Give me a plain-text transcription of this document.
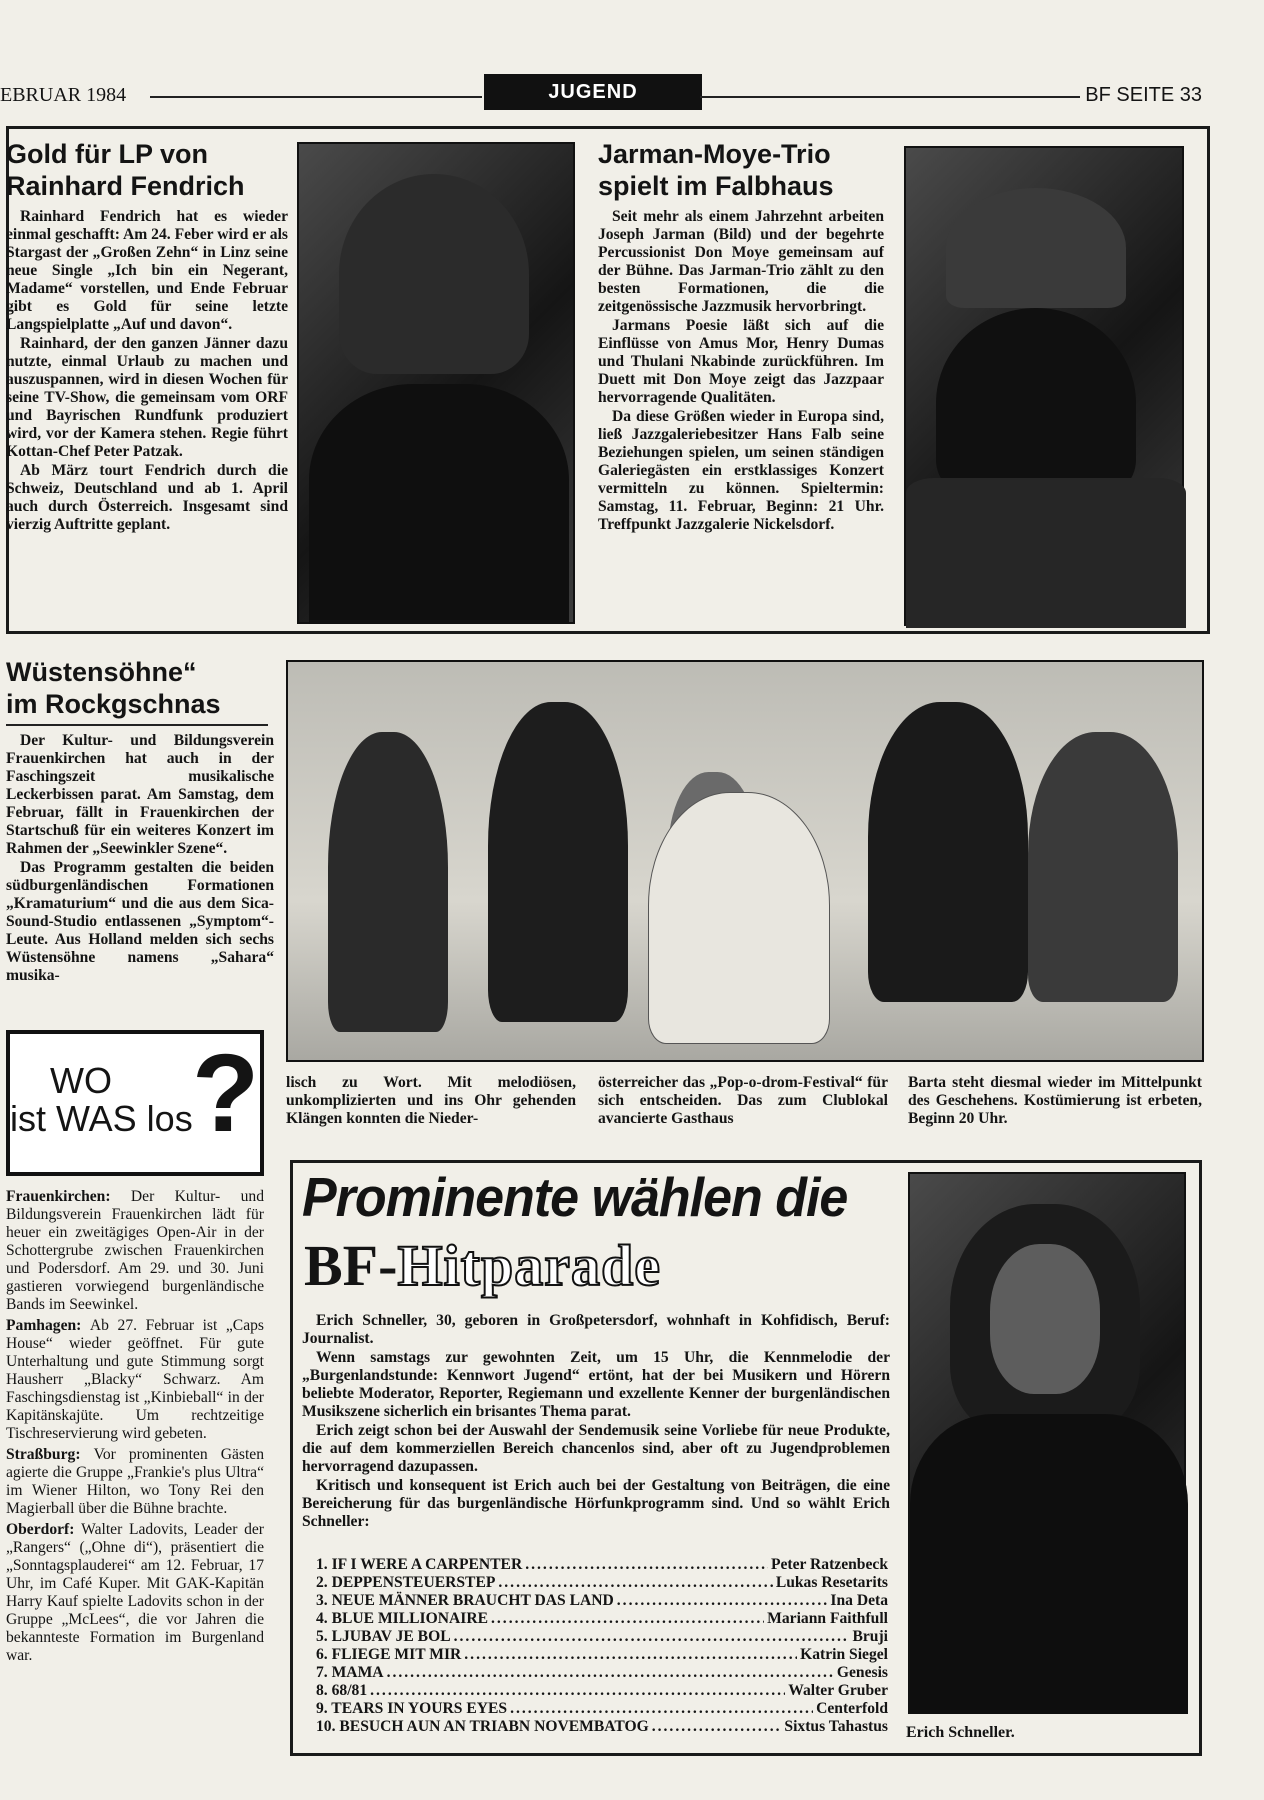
EBRUAR 1984	JUGEND	BF SEITE 33
Gold für LP von
Rainhard Fendrich

Rainhard Fendrich hat es wieder einmal geschafft: Am 24. Feber wird er als Stargast der „Großen Zehn“ in Linz seine neue Single „Ich bin ein Negerant, Madame“ vorstellen, und Ende Februar gibt es Gold für seine letzte Langspielplatte „Auf und davon“.

Rainhard, der den ganzen Jänner dazu nutzte, einmal Urlaub zu machen und auszuspannen, wird in diesen Wochen für seine TV-Show, die gemeinsam vom ORF und Bayrischen Rundfunk produziert wird, vor der Kamera stehen. Regie führt Kottan-Chef Peter Patzak.

Ab März tourt Fendrich durch die Schweiz, Deutschland und ab 1. April auch durch Österreich. Insgesamt sind vierzig Auftritte geplant.

Jarman-Moye-Trio
spielt im Falbhaus

Seit mehr als einem Jahrzehnt arbeiten Joseph Jarman (Bild) und der begehrte Percussionist Don Moye gemeinsam auf der Bühne. Das Jarman-Trio zählt zu den besten Formationen, die die zeitgenössische Jazzmusik hervorbringt.

Jarmans Poesie läßt sich auf die Einflüsse von Amus Mor, Henry Dumas und Thulani Nkabinde zurückführen. Im Duett mit Don Moye zeigt das Jazzpaar hervorragende Qualitäten.

Da diese Größen wieder in Europa sind, ließ Jazzgaleriebesitzer Hans Falb seine Beziehungen spielen, um seinen ständigen Galeriegästen ein erstklassiges Konzert vermitteln zu können. Spieltermin: Samstag, 11. Februar, Beginn: 21 Uhr. Treffpunkt Jazzgalerie Nickelsdorf.

Wüstensöhne“
im Rockgschnas

Der Kultur- und Bildungsverein Frauenkirchen hat auch in der Faschingszeit musikalische Leckerbissen parat. Am Samstag, dem Februar, fällt in Frauenkirchen der Startschuß für ein weiteres Konzert im Rahmen der „Seewinkler Szene“.

Das Programm gestalten die beiden südburgenländischen Formationen „Kramaturium“ und die aus dem Sica-Sound-Studio entlassenen „Symptom“-Leute. Aus Holland melden sich sechs Wüstensöhne namens „Sahara“ musika-

lisch zu Wort. Mit melodiösen, unkomplizierten und ins Ohr gehenden Klängen konnten die Nieder-
österreicher das „Pop-o-drom-Festival“ für sich entscheiden. Das zum Clublokal avancierte Gasthaus
Barta steht diesmal wieder im Mittelpunkt des Geschehens. Kostümierung ist erbeten, Beginn 20 Uhr.
WO
ist WAS los ?

Frauenkirchen: Der Kultur- und Bildungsverein Frauenkirchen lädt für heuer ein zweitägiges Open-Air in der Schottergrube zwischen Frauenkirchen und Podersdorf. Am 29. und 30. Juni gastieren vorwiegend burgenländische Bands im Seewinkel.

Pamhagen: Ab 27. Februar ist „Caps House“ wieder geöffnet. Für gute Unterhaltung und gute Stimmung sorgt Hausherr „Blacky“ Schwarz. Am Faschingsdienstag ist „Kinbieball“ in der Kapitänskajüte. Um rechtzeitige Tischreservierung wird gebeten.

Straßburg: Vor prominenten Gästen agierte die Gruppe „Frankie's plus Ultra“ im Wiener Hilton, wo Tony Rei den Magierball über die Bühne brachte.

Oberdorf: Walter Ladovits, Leader der „Rangers“ („Ohne di“), präsentiert die „Sonntagsplauderei“ am 12. Februar, 17 Uhr, im Café Kuper. Mit GAK-Kapitän Harry Kauf spielte Ladovits schon in der Gruppe „McLees“, die vor Jahren die bekannteste Formation im Burgenland war.

Prominente wählen die
BF-Hitparade

Erich Schneller, 30, geboren in Großpetersdorf, wohnhaft in Kohfidisch, Beruf: Journalist.

Wenn samstags zur gewohnten Zeit, um 15 Uhr, die Kennmelodie der „Burgenlandstunde: Kennwort Jugend“ ertönt, hat der bei Musikern und Hörern beliebte Moderator, Reporter, Regiemann und exzellente Kenner der burgenländischen Musikszene sicherlich ein brisantes Thema parat.

Erich zeigt schon bei der Auswahl der Sendemusik seine Vorliebe für neue Produkte, die auf dem kommerziellen Bereich chancenlos sind, aber oft zu Jugendproblemen hervorragend dazupassen.

Kritisch und konsequent ist Erich auch bei der Gestaltung von Beiträgen, die eine Bereicherung für das burgenländische Hörfunkprogramm sind. Und so wählt Erich Schneller:

1. IF I WERE A CARPENTER .....	Peter Ratzenbeck
2. DEPPENSTEUERSTEP .....	Lukas Resetarits
3. NEUE MÄNNER BRAUCHT DAS LAND .....	Ina Deta
4. BLUE MILLIONAIRE .....	Mariann Faithfull
5. LJUBAV JE BOL .....	Bruji
6. FLIEGE MIT MIR .....	Katrin Siegel
7. MAMA .....	Genesis
8. 68/81 .....	Walter Gruber
9. TEARS IN YOURS EYES .....	Centerfold
10. BESUCH AUN AN TRIABN NOVEMBATOG .....	Sixtus Tahastus Erich Schneller.
